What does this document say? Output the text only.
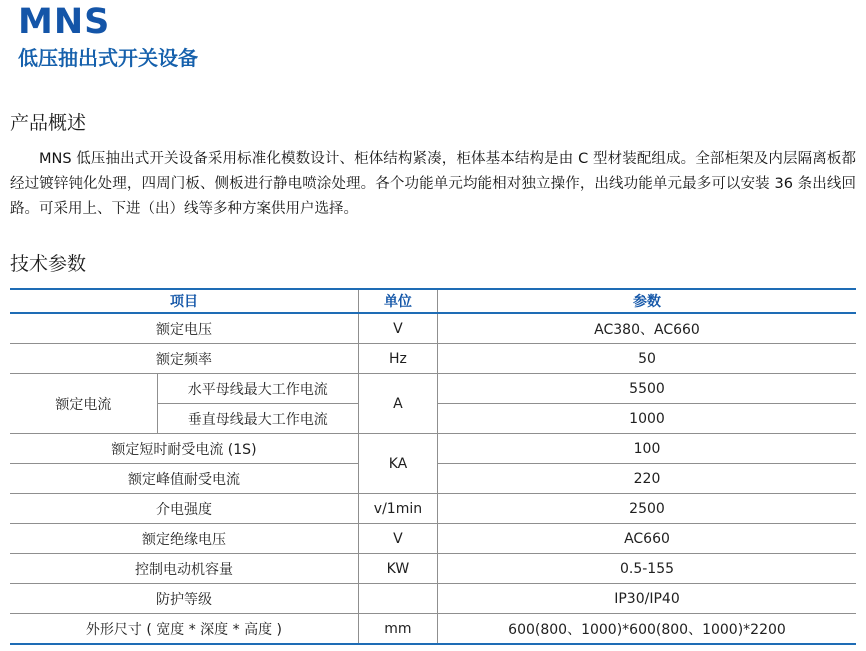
MNS
低压抽出式开关设备
产品概述

MNS 低压抽出式开关设备采用标准化模数设计、柜体结构紧凑，柜体基本结构是由 C 型材装配组成。全部柜架及内层隔离板都经过镀锌钝化处理，四周门板、侧板进行静电喷涂处理。各个功能单元均能相对独立操作，出线功能单元最多可以安装 36 条出线回路。可采用上、下进（出）线等多种方案供用户选择。

技术参数
项目		单位	参数
额定电压		V	AC380、AC660
额定频率		Hz	50
额定电流	水平母线最大工作电流	A	5500
	垂直母线最大工作电流		1000
额定短时耐受电流 (1S)		KA	100
额定峰值耐受电流			220
介电强度		v/1min	2500
额定绝缘电压		V	AC660
控制电动机容量		KW	0.5-155
防护等级			IP30/IP40
外形尺寸 ( 宽度 * 深度 * 高度 )		mm	600(800、1000)*600(800、1000)*2200
